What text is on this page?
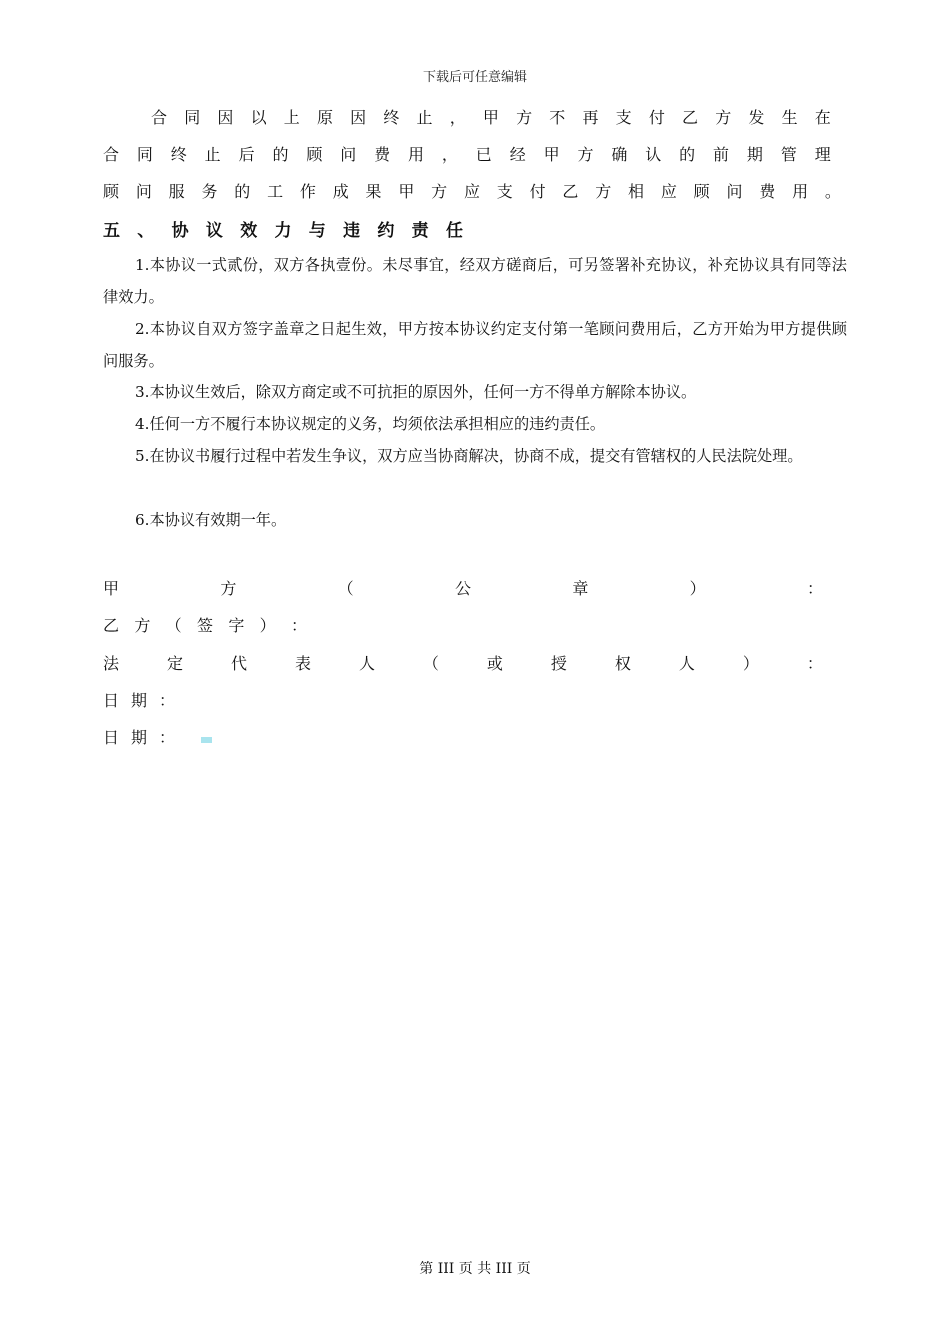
下载后可任意编辑
合 同 因 以 上 原 因 终 止 ， 甲 方 不 再 支 付 乙 方 发 生 在
合 同 终 止 后 的 顾 问 费 用 ， 已 经 甲 方 确 认 的 前 期 管 理
顾 问 服 务 的 工 作 成 果 甲 方 应 支 付 乙 方 相 应 顾 问 费 用 。
五 、 协 议 效 力 与 违 约 责 任

1.本协议一式贰份，双方各执壹份。未尽事宜，经双方磋商后，可另签署补充协议，补充协议具有同等法律效力。

2.本协议自双方签字盖章之日起生效，甲方按本协议约定支付第一笔顾问费用后，乙方开始为甲方提供顾问服务。

3.本协议生效后，除双方商定或不可抗拒的原因外，任何一方不得单方解除本协议。

4.任何一方不履行本协议规定的义务，均须依法承担相应的违约责任。

5.在协议书履行过程中若发生争议，双方应当协商解决，协商不成，提交有管辖权的人民法院处理。

6.本协议有效期一年。

甲	方	（	公	章	）	：
乙 方 （ 签 字 ） ：
法	定	代	表	人	（	或	授	权	人	）	：
日 期 ：
日 期 ：
第 III 页 共 III 页
